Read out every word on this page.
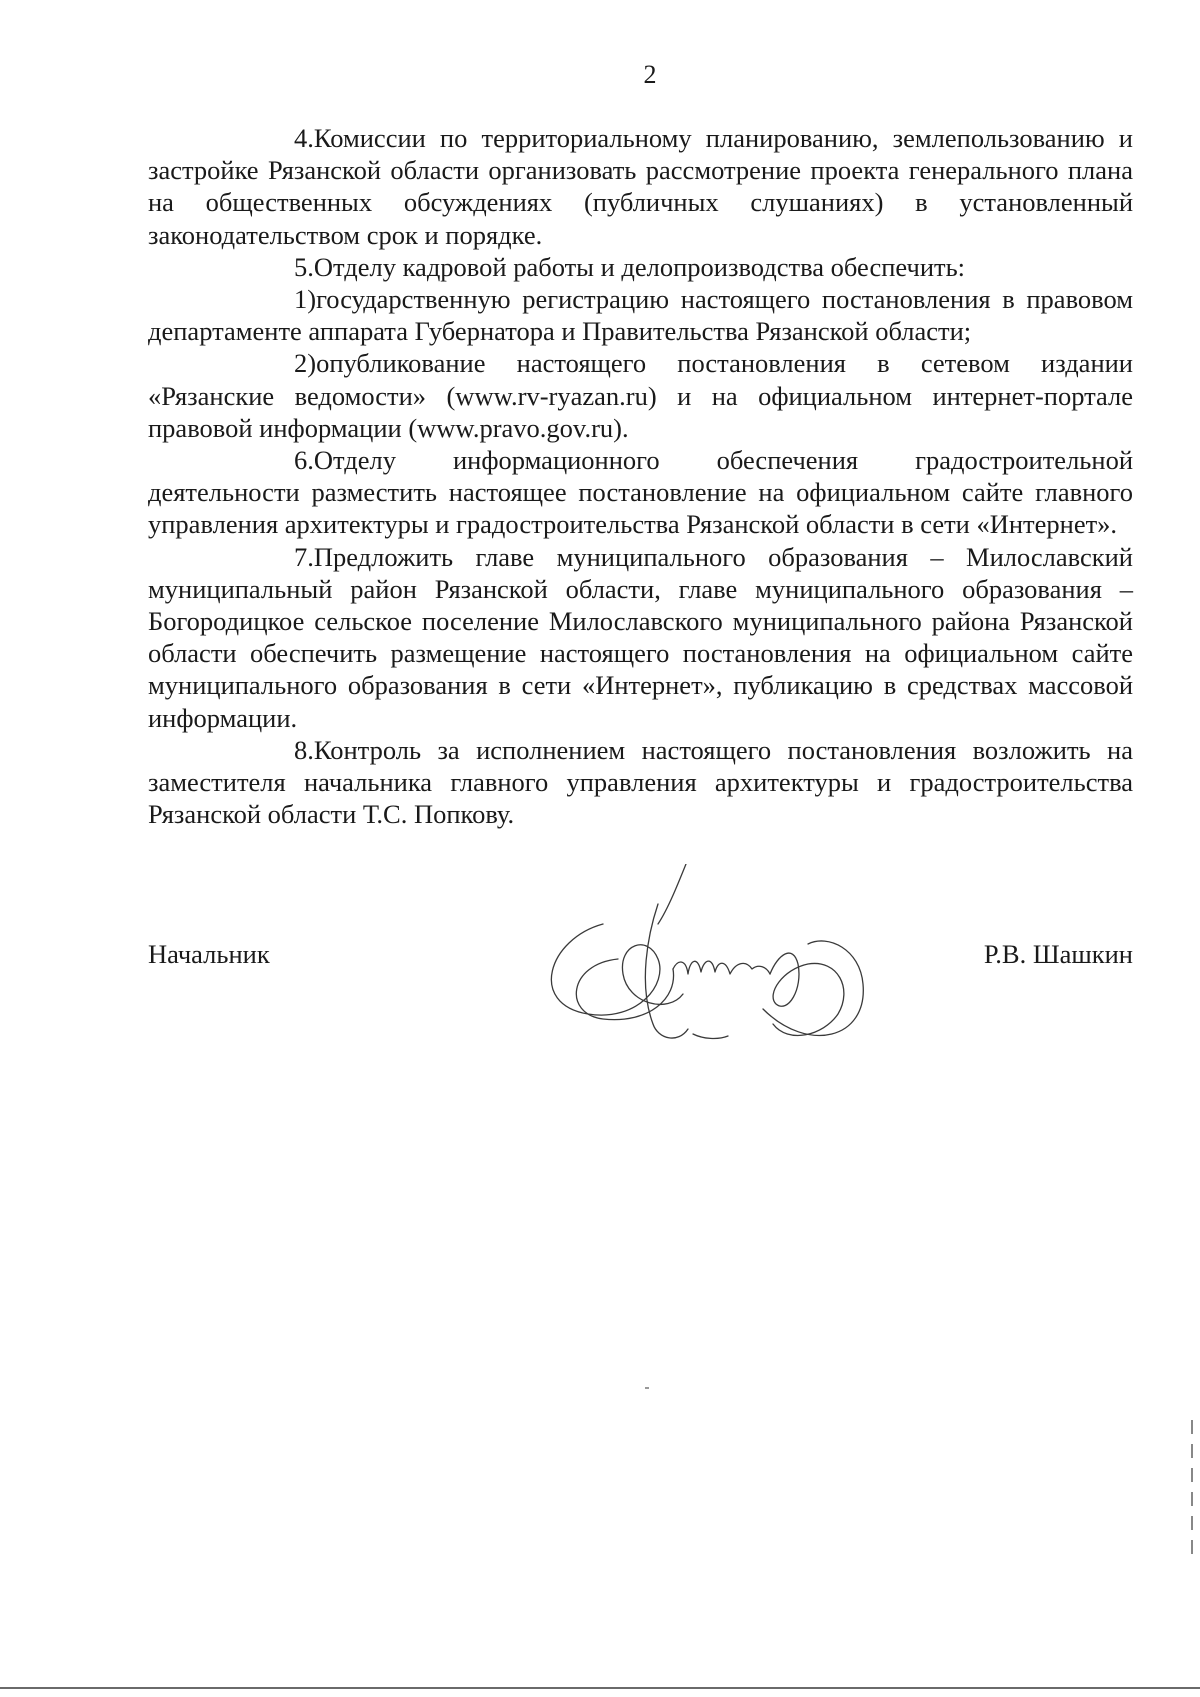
2

4.Комиссии по территориальному планированию, землепользованию и застройке Рязанской области организовать рассмотрение проекта генерального плана на общественных обсуждениях (публичных слушаниях) в установленный законодательством срок и порядке.

5.Отделу кадровой работы и делопроизводства обеспечить:

1)государственную регистрацию настоящего постановления в правовом департаменте аппарата Губернатора и Правительства Рязанской области;

2)опубликование настоящего постановления в сетевом издании «Рязанские ведомости» (www.rv-ryazan.ru) и на официальном интернет-портале правовой информации (www.pravo.gov.ru).

6.Отделу информационного обеспечения градостроительной деятельности разместить настоящее постановление на официальном сайте главного управления архитектуры и градостроительства Рязанской области в сети «Интернет».

7.Предложить главе муниципального образования – Милославский муниципальный район Рязанской области, главе муниципального образования – Богородицкое сельское поселение Милославского муниципального района Рязанской области обеспечить размещение настоящего постановления на официальном сайте муниципального образования в сети «Интернет», публикацию в средствах массовой информации.

8.Контроль за исполнением настоящего постановления возложить на заместителя начальника главного управления архитектуры и градостроительства Рязанской области Т.С. Попкову.

Начальник	Р.В. Шашкин
